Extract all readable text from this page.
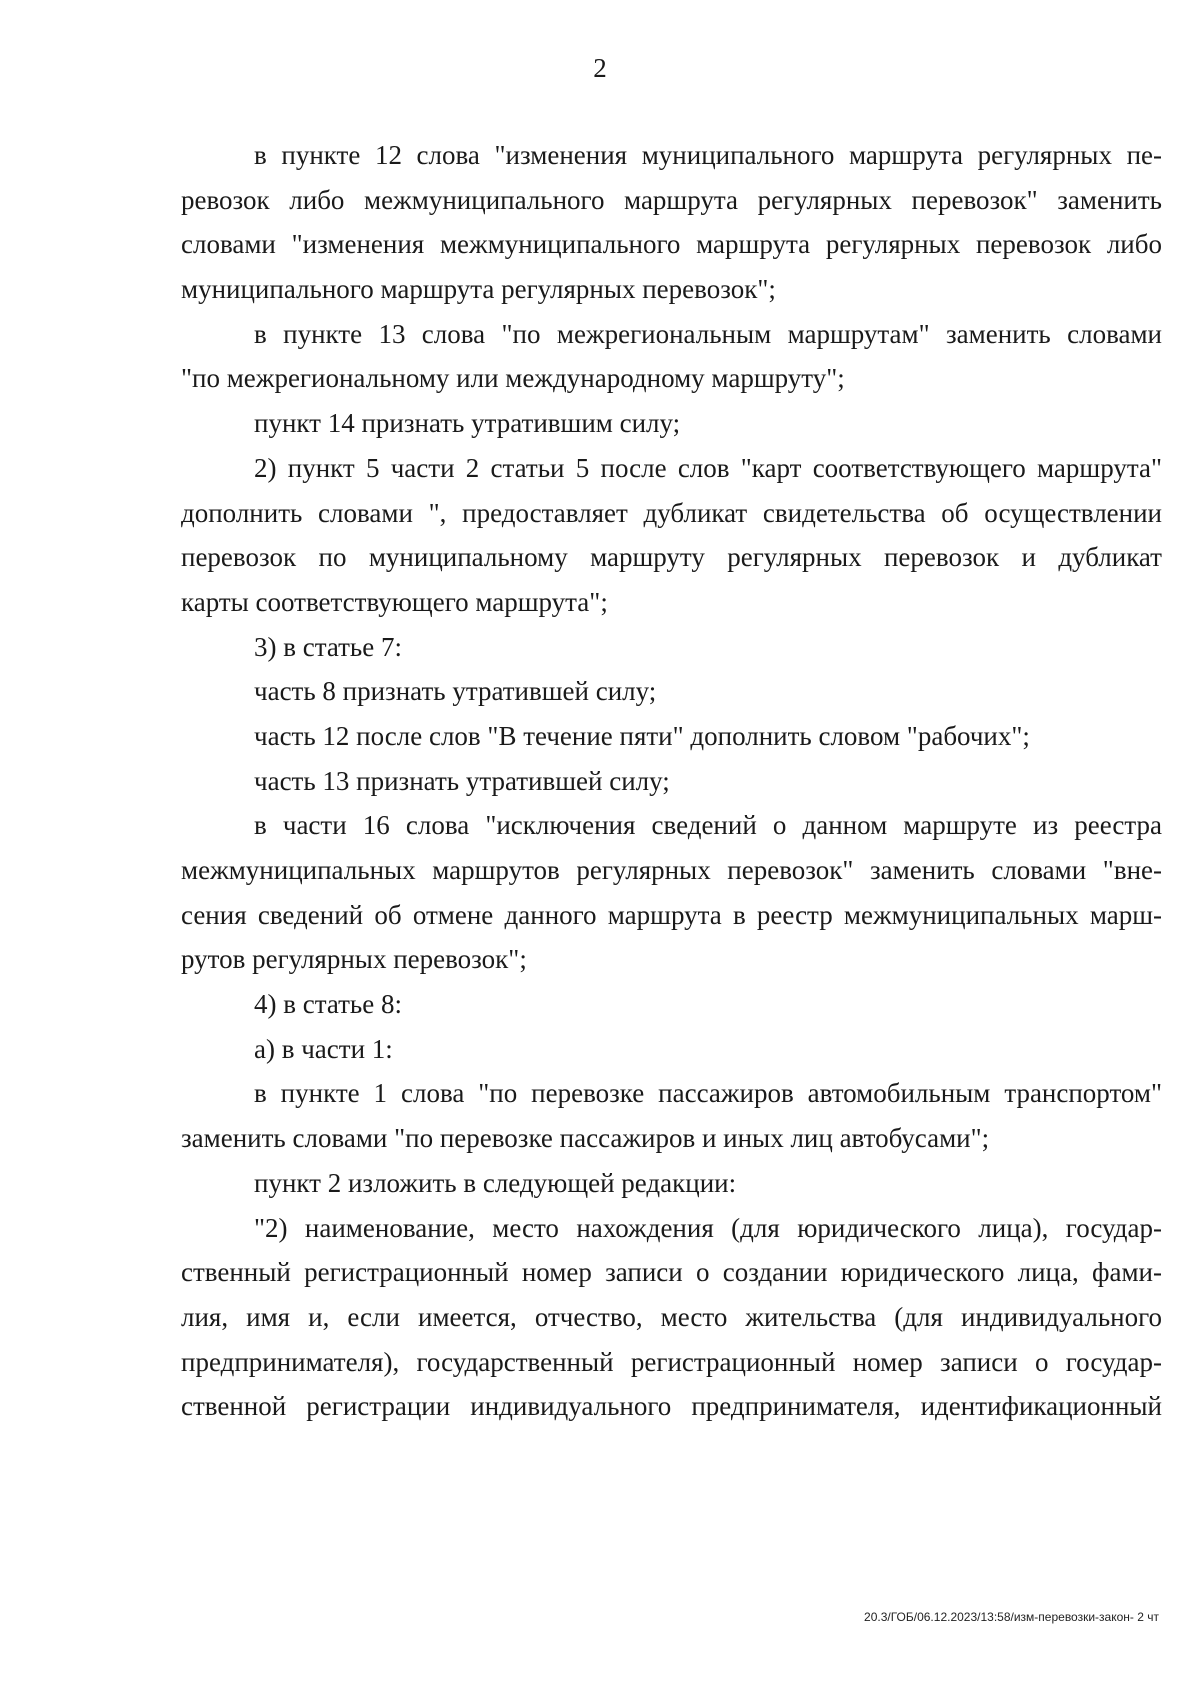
2
в пункте 12 слова "изменения муниципального маршрута регулярных пе-
ревозок либо межмуниципального маршрута регулярных перевозок" заменить
словами "изменения межмуниципального маршрута регулярных перевозок либо
муниципального маршрута регулярных перевозок";
в пункте 13 слова "по межрегиональным маршрутам" заменить словами
"по межрегиональному или международному маршруту";
пункт 14 признать утратившим силу;
2) пункт 5 части 2 статьи 5 после слов "карт соответствующего маршрута"
дополнить словами ", предоставляет дубликат свидетельства об осуществлении
перевозок по муниципальному маршруту регулярных перевозок и дубликат
карты соответствующего маршрута";
3) в статье 7:
часть 8 признать утратившей силу;
часть 12 после слов "В течение пяти" дополнить словом "рабочих";
часть 13 признать утратившей силу;
в части 16 слова "исключения сведений о данном маршруте из реестра
межмуниципальных маршрутов регулярных перевозок" заменить словами "вне-
сения сведений об отмене данного маршрута в реестр межмуниципальных марш-
рутов регулярных перевозок";
4) в статье 8:
а) в части 1:
в пункте 1 слова "по перевозке пассажиров автомобильным транспортом"
заменить словами "по перевозке пассажиров и иных лиц автобусами";
пункт 2 изложить в следующей редакции:
"2) наименование, место нахождения (для юридического лица), государ-
ственный регистрационный номер записи о создании юридического лица, фами-
лия, имя и, если имеется, отчество, место жительства (для индивидуального
предпринимателя), государственный регистрационный номер записи о государ-
ственной регистрации индивидуального предпринимателя, идентификационный
20.3/ГОБ/06.12.2023/13:58/изм-перевозки-закон- 2 чт
